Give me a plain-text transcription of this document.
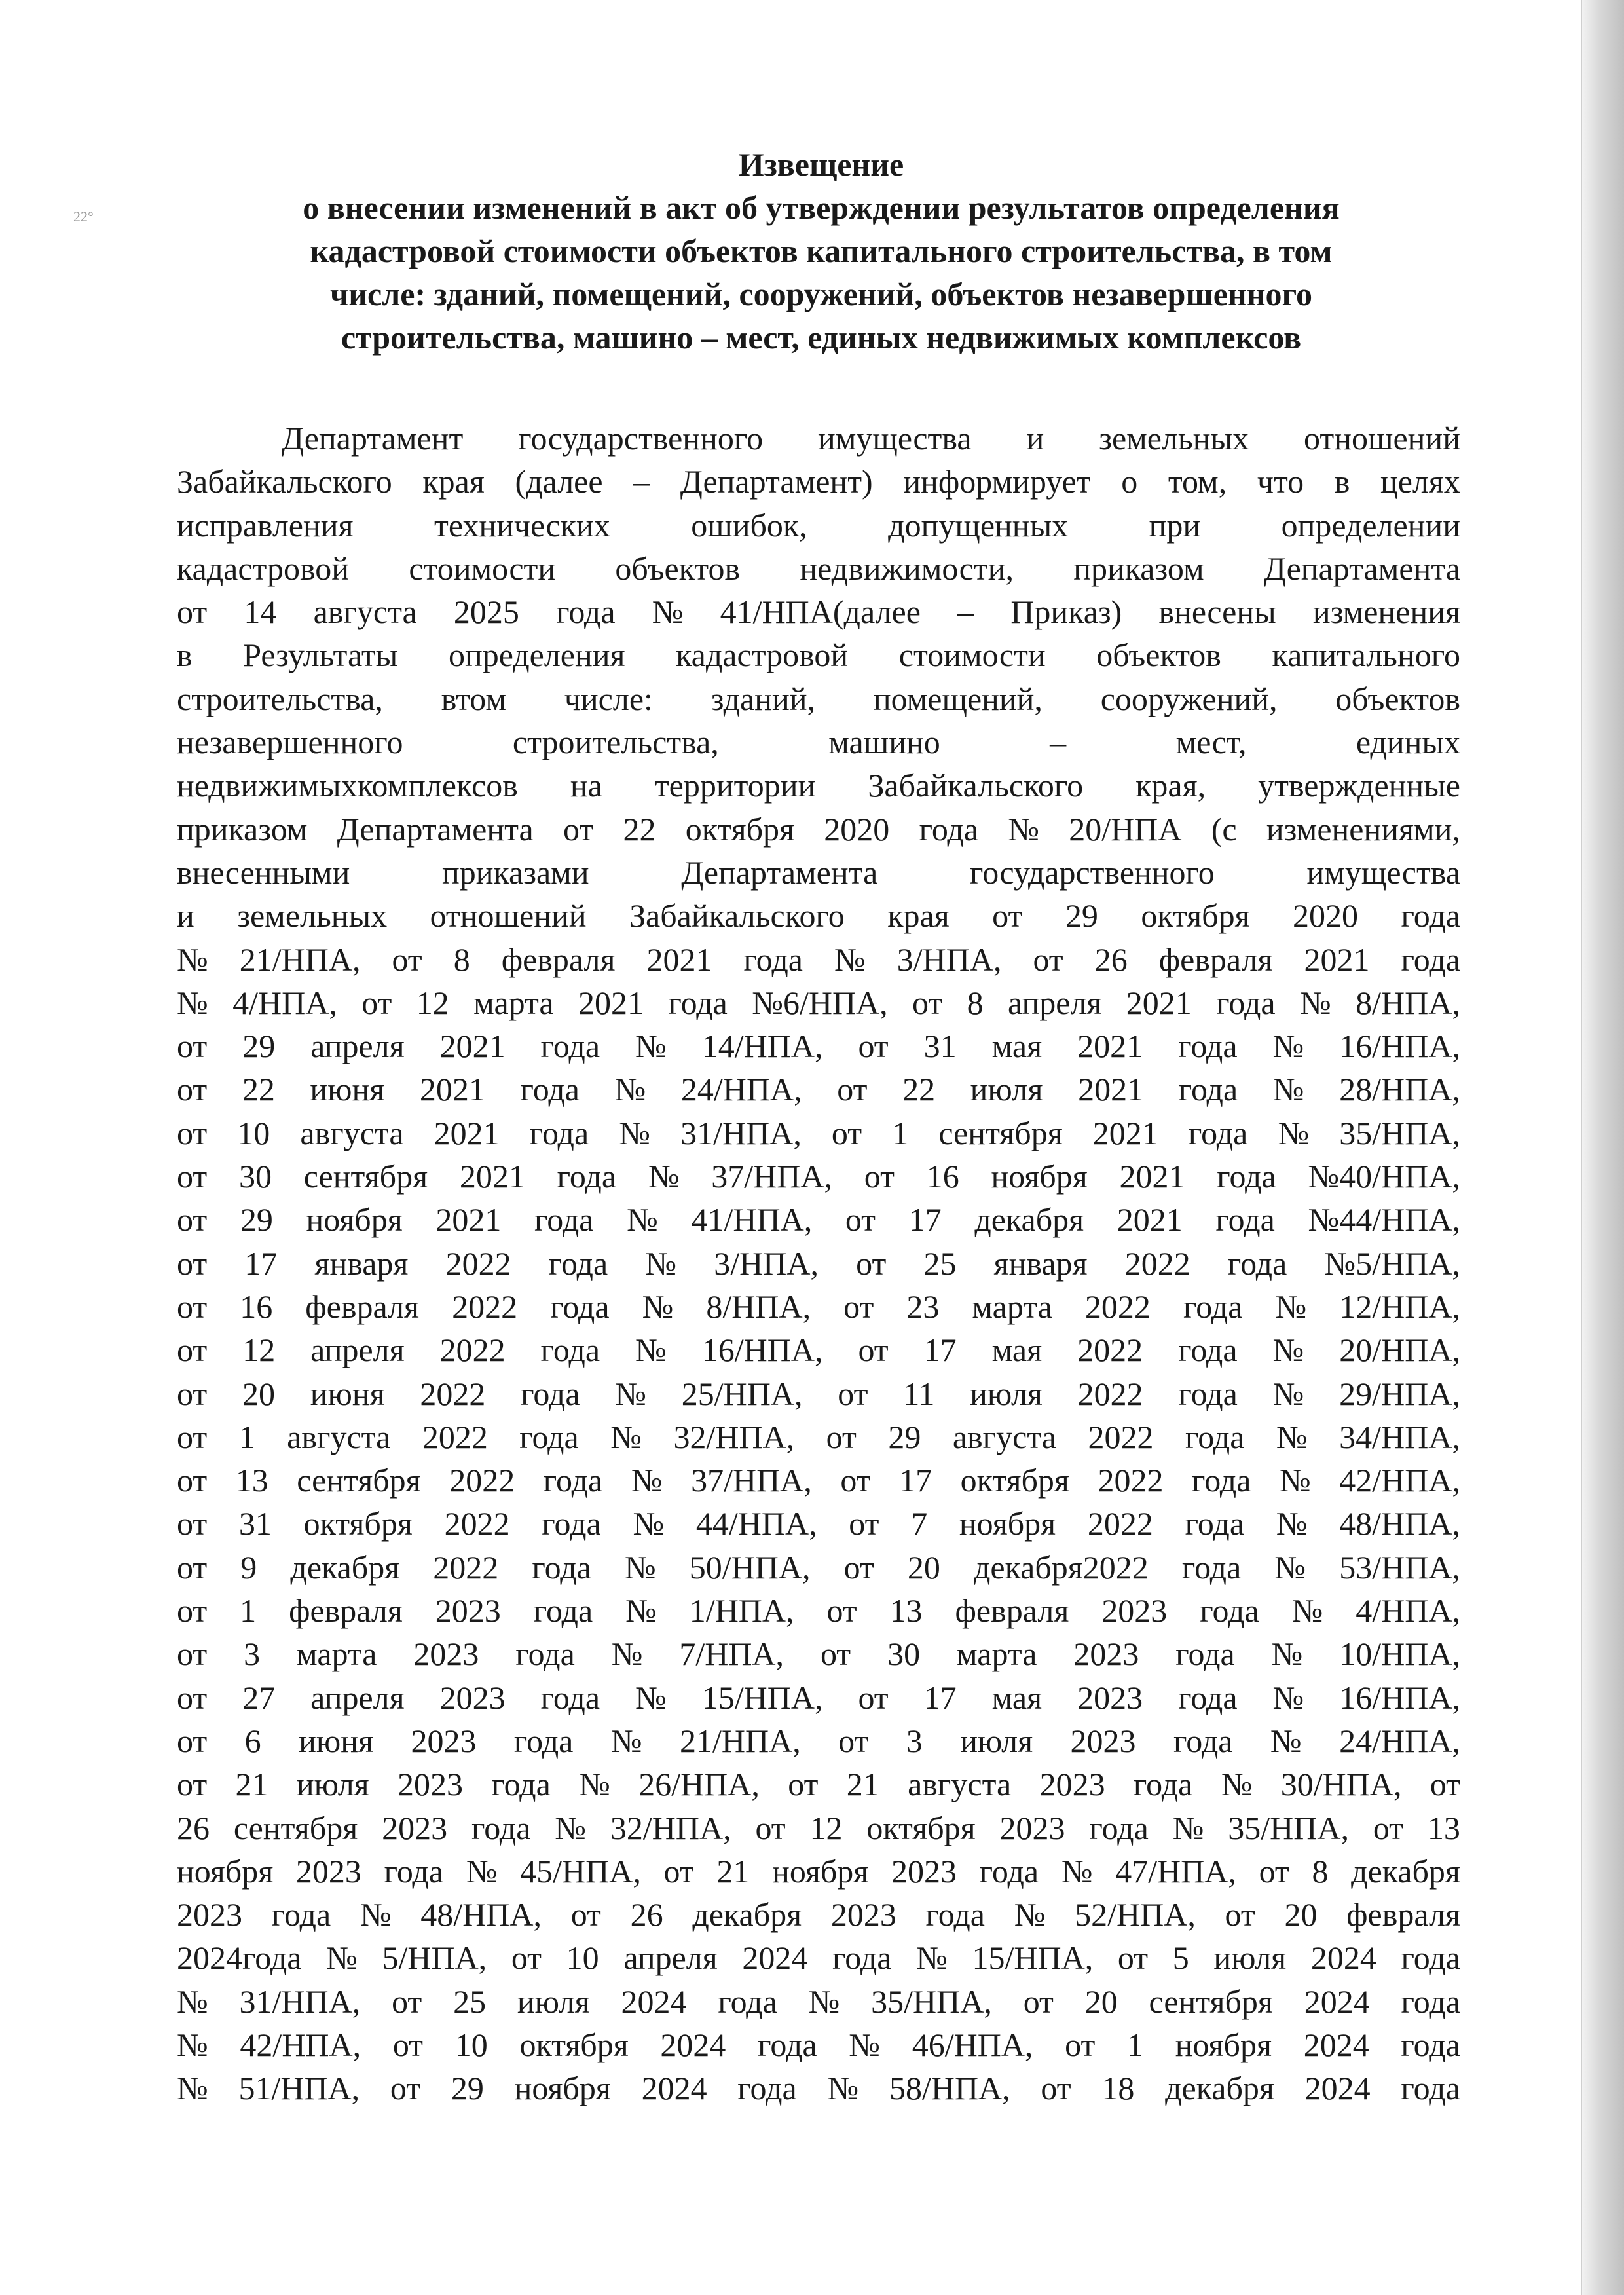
22°
Извещение
о внесении изменений в акт об утверждении результатов определения
кадастровой стоимости объектов капитального строительства, в том
числе: зданий, помещений, сооружений, объектов незавершенного
строительства, машино – мест, единых недвижимых комплексов
Департамент государственного имущества и земельных отношений
Забайкальского края (далее – Департамент) информирует о том, что в целях
исправления технических ошибок, допущенных при определении
кадастровой стоимости объектов недвижимости, приказом Департамента
от 14 августа 2025 года № 41/НПА(далее – Приказ) внесены изменения
в Результаты определения кадастровой стоимости объектов капитального
строительства, втом числе: зданий, помещений, сооружений, объектов
незавершенного	строительства,	машино	–	мест,	единых
недвижимыхкомплексов на территории Забайкальского края, утвержденные
приказом Департамента от 22 октября 2020 года № 20/НПА (с изменениями,
внесенными	приказами	Департамента	государственного	имущества
и земельных отношений Забайкальского края от 29 октября 2020 года
№ 21/НПА, от 8 февраля 2021 года № 3/НПА, от 26 февраля 2021 года
№ 4/НПА, от 12 марта 2021 года №6/НПА, от 8 апреля 2021 года № 8/НПА,
от 29 апреля 2021 года № 14/НПА, от 31 мая 2021 года № 16/НПА,
от 22 июня 2021 года № 24/НПА, от 22 июля 2021 года № 28/НПА,
от 10 августа 2021 года № 31/НПА, от 1 сентября 2021 года № 35/НПА,
от 30 сентября 2021 года № 37/НПА, от 16 ноября 2021 года №40/НПА,
от 29 ноября 2021 года № 41/НПА, от 17 декабря 2021 года №44/НПА,
от 17 января 2022 года № 3/НПА, от 25 января 2022 года №5/НПА,
от 16 февраля 2022 года № 8/НПА, от 23 марта 2022 года № 12/НПА,
от 12 апреля 2022 года № 16/НПА, от 17 мая 2022 года № 20/НПА,
от 20 июня 2022 года № 25/НПА, от 11 июля 2022 года № 29/НПА,
от 1 августа 2022 года № 32/НПА, от 29 августа 2022 года № 34/НПА,
от 13 сентября 2022 года № 37/НПА, от 17 октября 2022 года № 42/НПА,
от 31 октября 2022 года № 44/НПА, от 7 ноября 2022 года № 48/НПА,
от 9 декабря 2022 года № 50/НПА, от 20 декабря2022 года № 53/НПА,
от 1 февраля 2023 года № 1/НПА, от 13 февраля 2023 года № 4/НПА,
от 3 марта 2023 года № 7/НПА, от 30 марта 2023 года № 10/НПА,
от 27 апреля 2023 года № 15/НПА, от 17 мая 2023 года № 16/НПА,
от 6 июня 2023 года № 21/НПА, от 3 июля 2023 года № 24/НПА,
от 21 июля 2023 года № 26/НПА, от 21 августа 2023 года № 30/НПА, от
26 сентября 2023 года № 32/НПА, от 12 октября 2023 года № 35/НПА, от 13
ноября 2023 года № 45/НПА, от 21 ноября 2023 года № 47/НПА, от 8 декабря
2023 года № 48/НПА, от 26 декабря 2023 года № 52/НПА, от 20 февраля
2024года № 5/НПА, от 10 апреля 2024 года № 15/НПА, от 5 июля 2024 года
№ 31/НПА, от 25 июля 2024 года № 35/НПА, от 20 сентября 2024 года
№ 42/НПА, от 10 октября 2024 года № 46/НПА, от 1 ноября 2024 года
№ 51/НПА, от 29 ноября 2024 года № 58/НПА, от 18 декабря 2024 года
